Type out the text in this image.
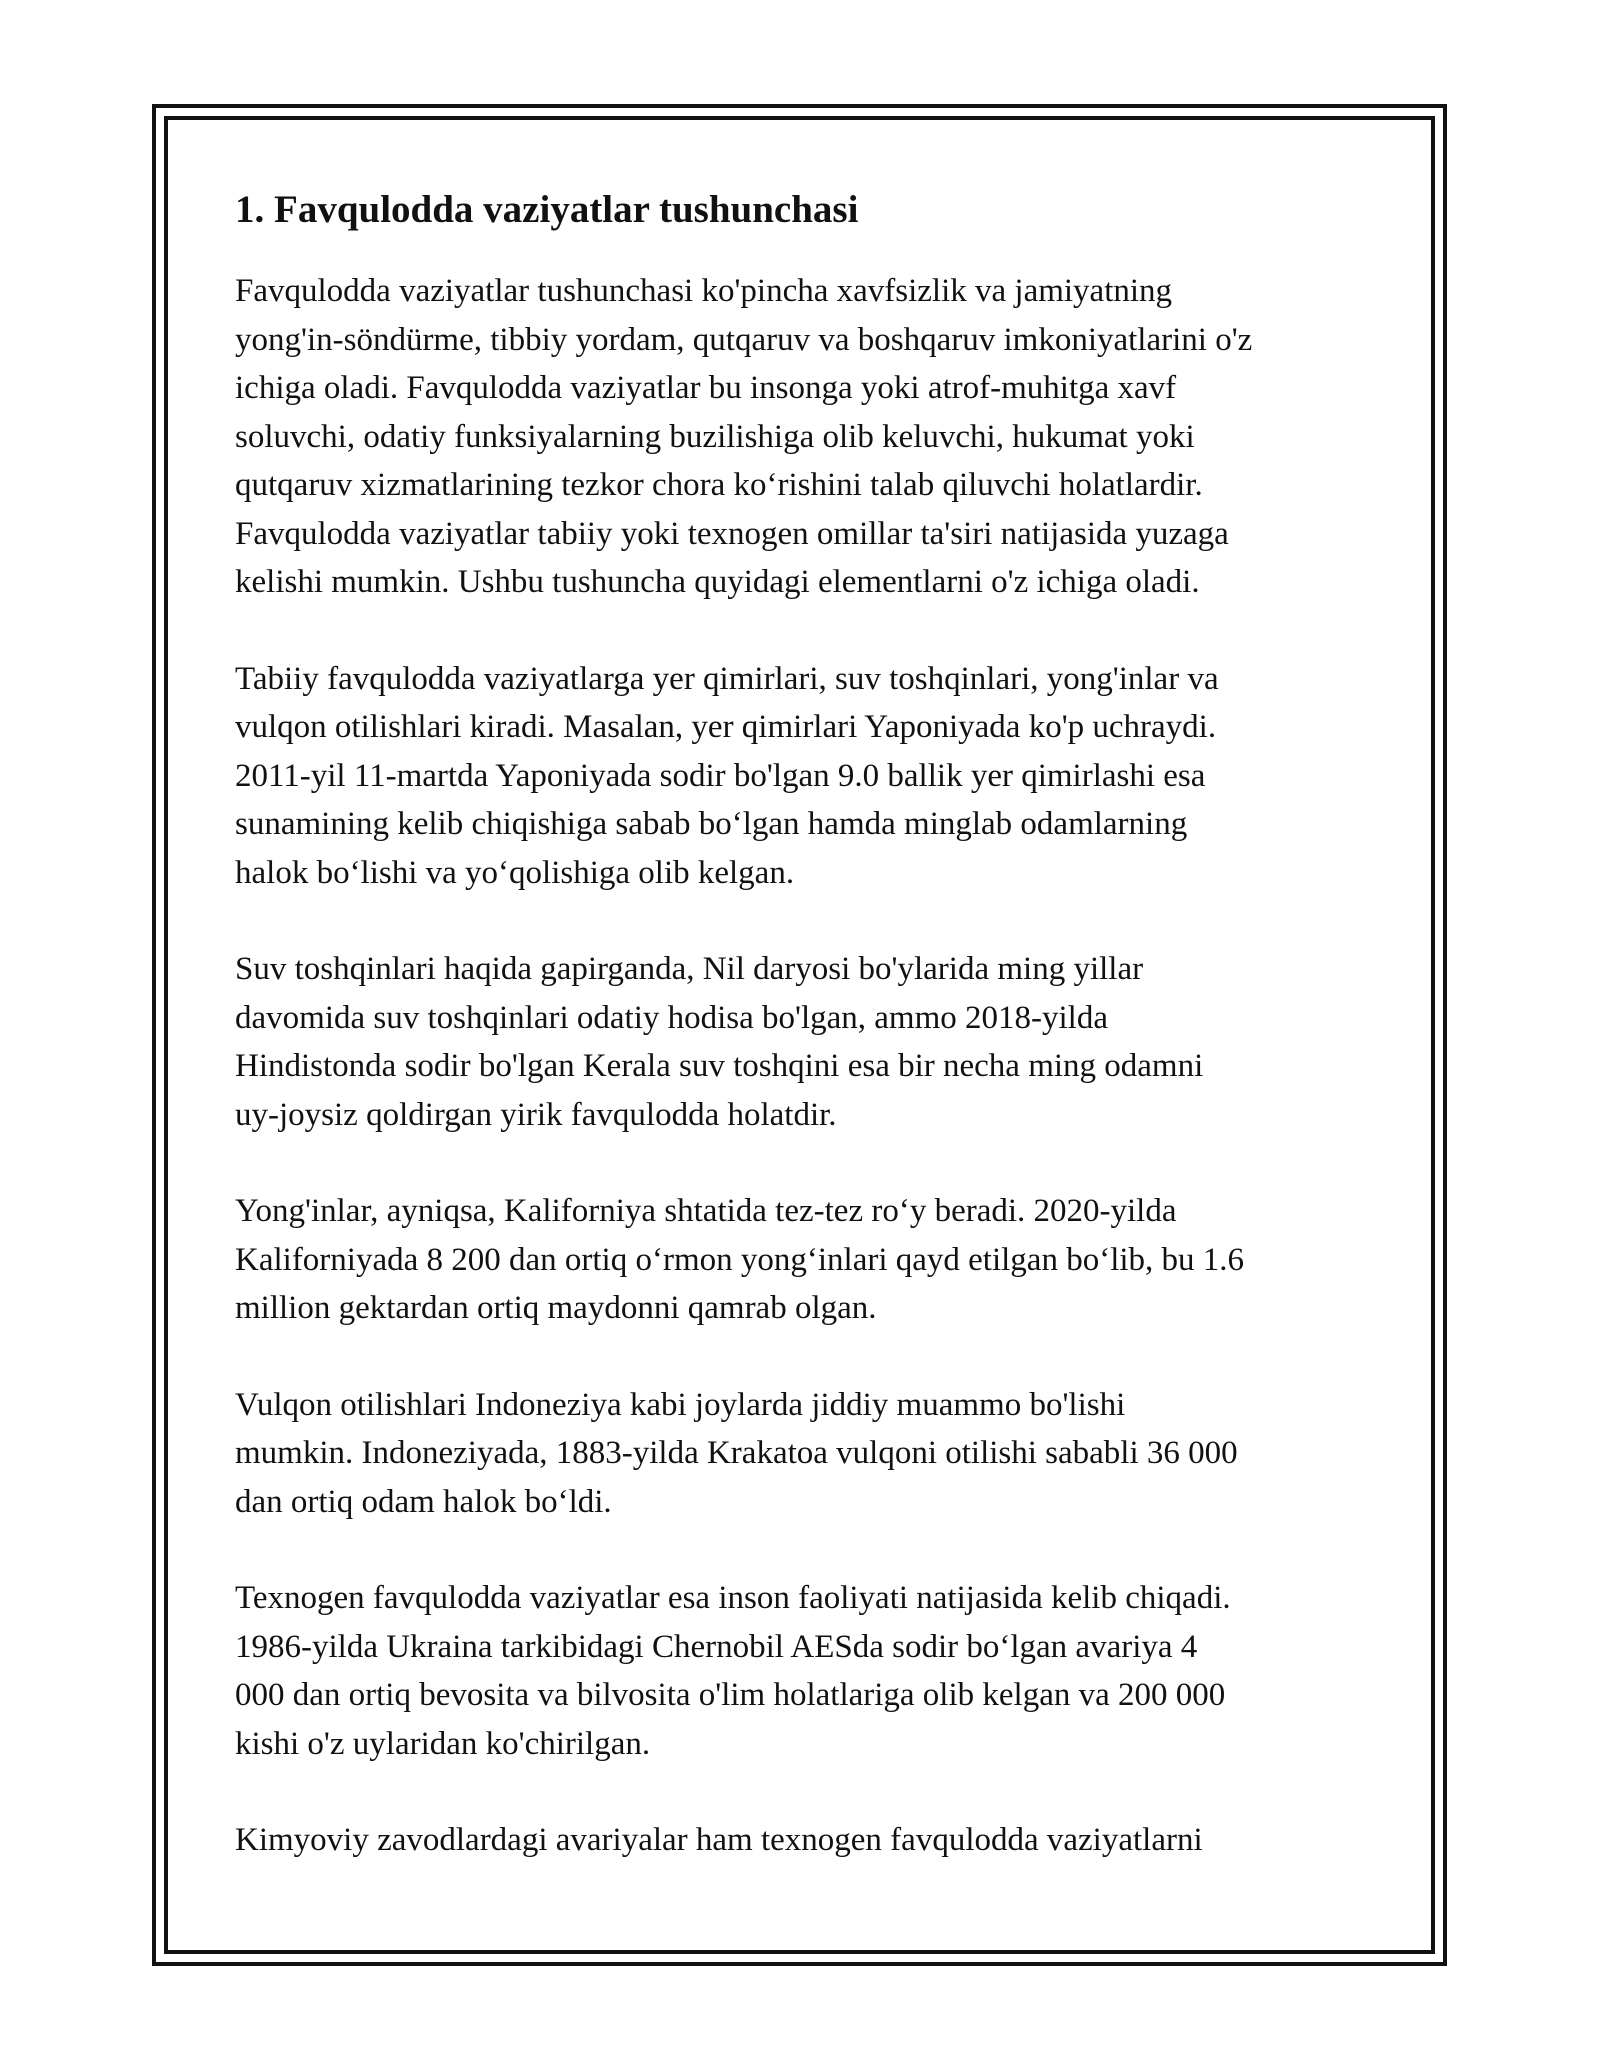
1. Favqulodda vaziyatlar tushunchasi

Favqulodda vaziyatlar tushunchasi ko'pincha xavfsizlik va jamiyatning
yong'in-söndürme, tibbiy yordam, qutqaruv va boshqaruv imkoniyatlarini o'z
ichiga oladi. Favqulodda vaziyatlar bu insonga yoki atrof-muhitga xavf
soluvchi, odatiy funksiyalarning buzilishiga olib keluvchi, hukumat yoki
qutqaruv xizmatlarining tezkor chora koʻrishini talab qiluvchi holatlardir.
Favqulodda vaziyatlar tabiiy yoki texnogen omillar ta'siri natijasida yuzaga
kelishi mumkin. Ushbu tushuncha quyidagi elementlarni o'z ichiga oladi.

Tabiiy favqulodda vaziyatlarga yer qimirlari, suv toshqinlari, yong'inlar va
vulqon otilishlari kiradi. Masalan, yer qimirlari Yaponiyada ko'p uchraydi.
2011-yil 11-martda Yaponiyada sodir bo'lgan 9.0 ballik yer qimirlashi esa
sunamining kelib chiqishiga sabab boʻlgan hamda minglab odamlarning
halok boʻlishi va yoʻqolishiga olib kelgan.

Suv toshqinlari haqida gapirganda, Nil daryosi bo'ylarida ming yillar
davomida suv toshqinlari odatiy hodisa bo'lgan, ammo 2018-yilda
Hindistonda sodir bo'lgan Kerala suv toshqini esa bir necha ming odamni
uy-joysiz qoldirgan yirik favqulodda holatdir.

Yong'inlar, ayniqsa, Kaliforniya shtatida tez-tez roʻy beradi. 2020-yilda
Kaliforniyada 8 200 dan ortiq oʻrmon yongʻinlari qayd etilgan boʻlib, bu 1.6
million gektardan ortiq maydonni qamrab olgan.

Vulqon otilishlari Indoneziya kabi joylarda jiddiy muammo bo'lishi
mumkin. Indoneziyada, 1883-yilda Krakatoa vulqoni otilishi sababli 36 000
dan ortiq odam halok boʻldi.

Texnogen favqulodda vaziyatlar esa inson faoliyati natijasida kelib chiqadi.
1986-yilda Ukraina tarkibidagi Chernobil AESda sodir boʻlgan avariya 4
000 dan ortiq bevosita va bilvosita o'lim holatlariga olib kelgan va 200 000
kishi o'z uylaridan ko'chirilgan.

Kimyoviy zavodlardagi avariyalar ham texnogen favqulodda vaziyatlarni
